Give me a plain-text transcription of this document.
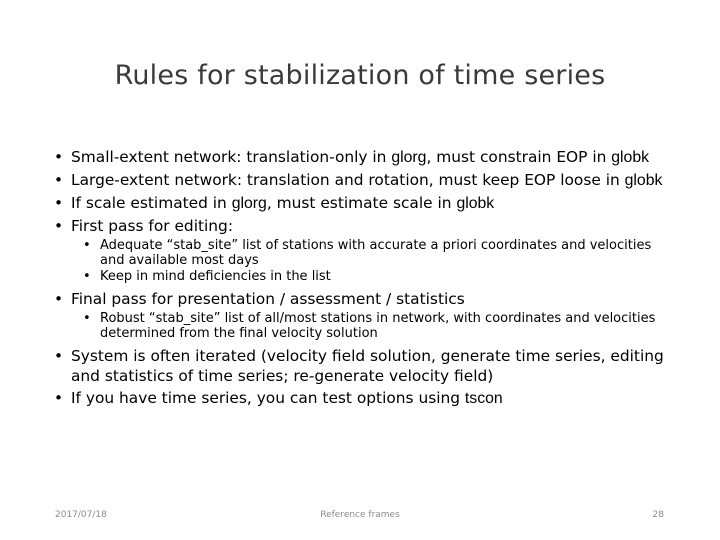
Rules for stabilization of time series
• Small-extent network: translation-only in glorg, must constrain EOP in globk
• Large-extent network: translation and rotation, must keep EOP loose in globk
• If scale estimated in glorg, must estimate scale in globk
• First pass for editing:
• Adequate “stab_site” list of stations with accurate a priori coordinates and velocities and available most days
• Keep in mind deficiencies in the list
• Final pass for presentation / assessment / statistics
• Robust “stab_site” list of all/most stations in network, with coordinates and velocities determined from the final velocity solution
• System is often iterated (velocity field solution, generate time series, editing and statistics of time series; re-generate velocity field)
• If you have time series, you can test options using tscon
2017/07/18	Reference frames	28
